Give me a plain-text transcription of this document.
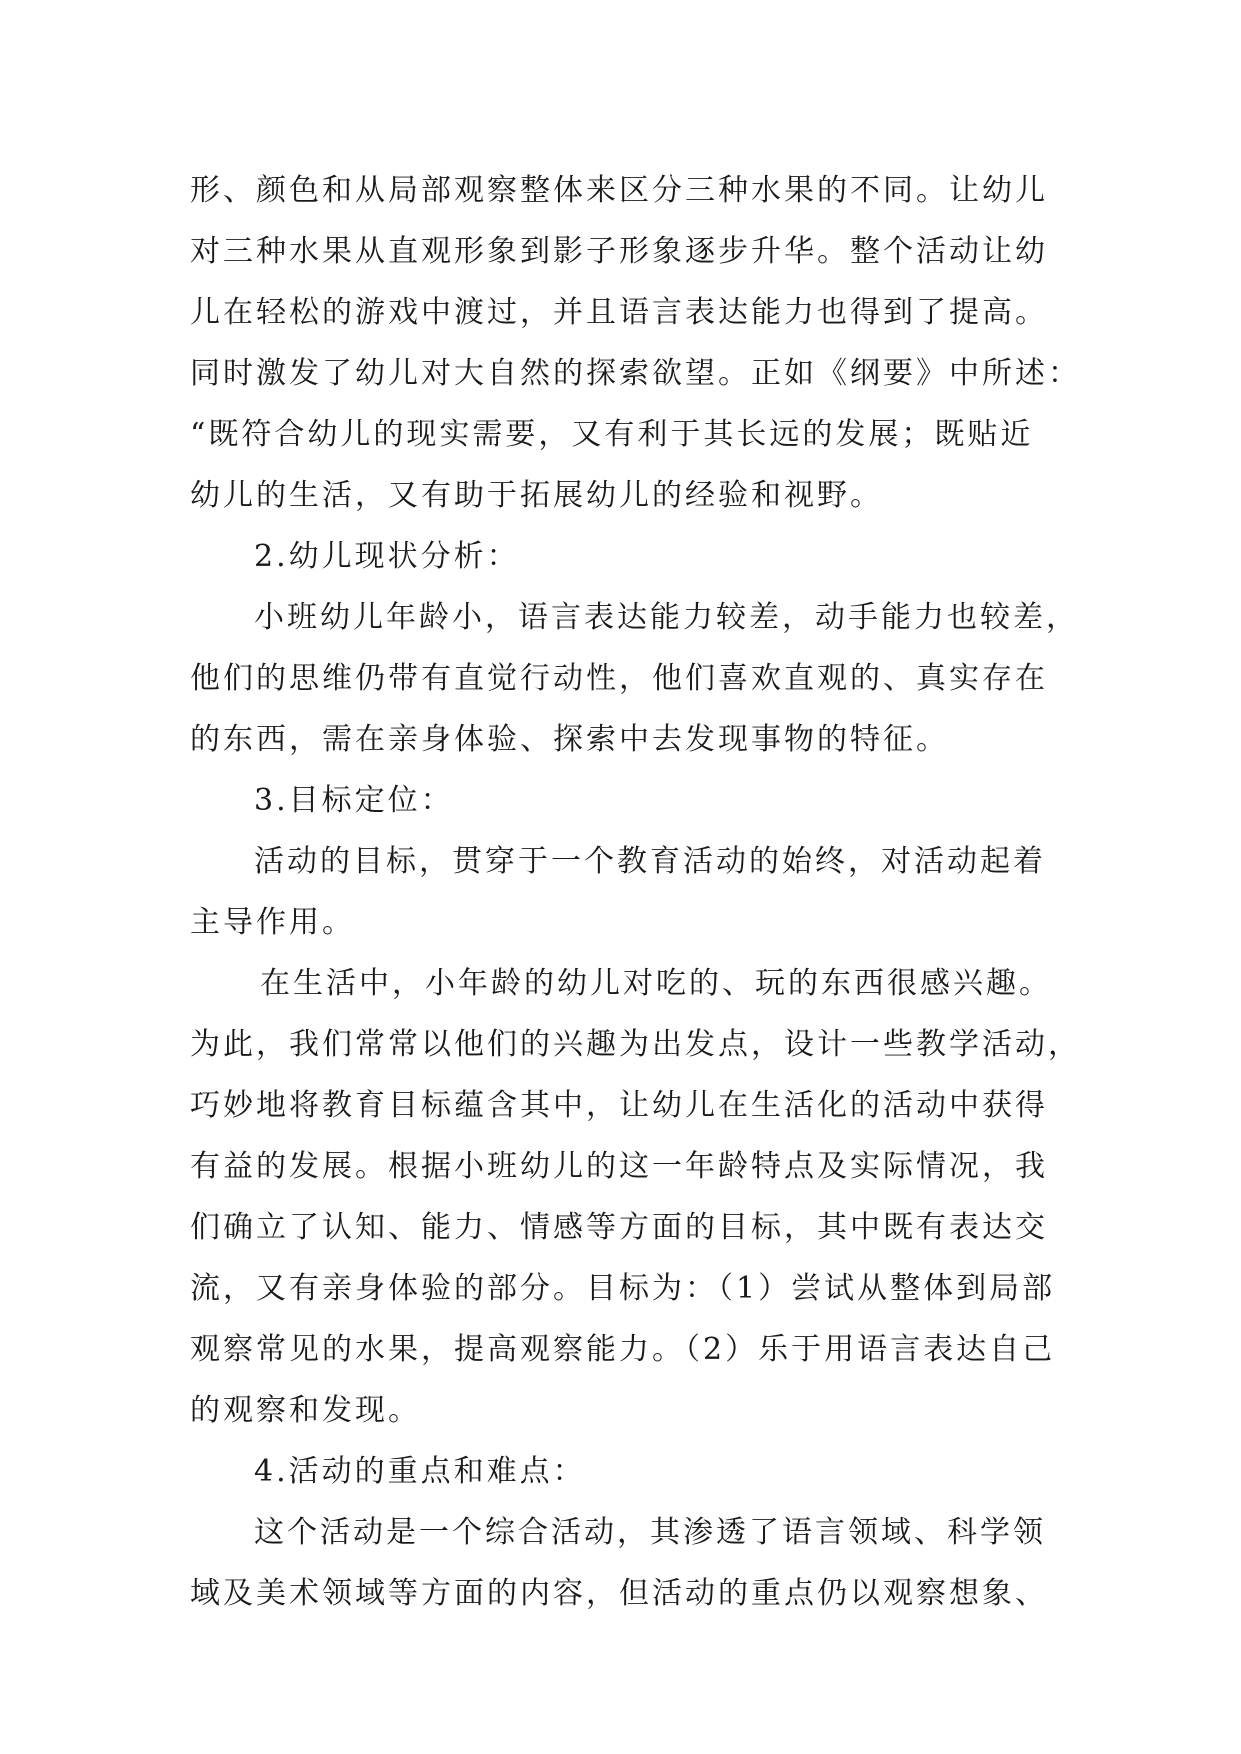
形、颜色和从局部观察整体来区分三种水果的不同。让幼儿
对三种水果从直观形象到影子形象逐步升华。整个活动让幼
儿在轻松的游戏中渡过，并且语言表达能力也得到了提高。
同时激发了幼儿对大自然的探索欲望。正如《纲要》中所述：
“既符合幼儿的现实需要，又有利于其长远的发展；既贴近
幼儿的生活，又有助于拓展幼儿的经验和视野。
2.幼儿现状分析：
小班幼儿年龄小，语言表达能力较差，动手能力也较差，
他们的思维仍带有直觉行动性，他们喜欢直观的、真实存在
的东西，需在亲身体验、探索中去发现事物的特征。
3.目标定位：
活动的目标，贯穿于一个教育活动的始终，对活动起着
主导作用。
在生活中，小年龄的幼儿对吃的、玩的东西很感兴趣。
为此，我们常常以他们的兴趣为出发点，设计一些教学活动，
巧妙地将教育目标蕴含其中，让幼儿在生活化的活动中获得
有益的发展。根据小班幼儿的这一年龄特点及实际情况，我
们确立了认知、能力、情感等方面的目标，其中既有表达交
流，又有亲身体验的部分。目标为：（1）尝试从整体到局部
观察常见的水果，提高观察能力。（2）乐于用语言表达自己
的观察和发现。
4.活动的重点和难点：
这个活动是一个综合活动，其渗透了语言领域、科学领
域及美术领域等方面的内容，但活动的重点仍以观察想象、
